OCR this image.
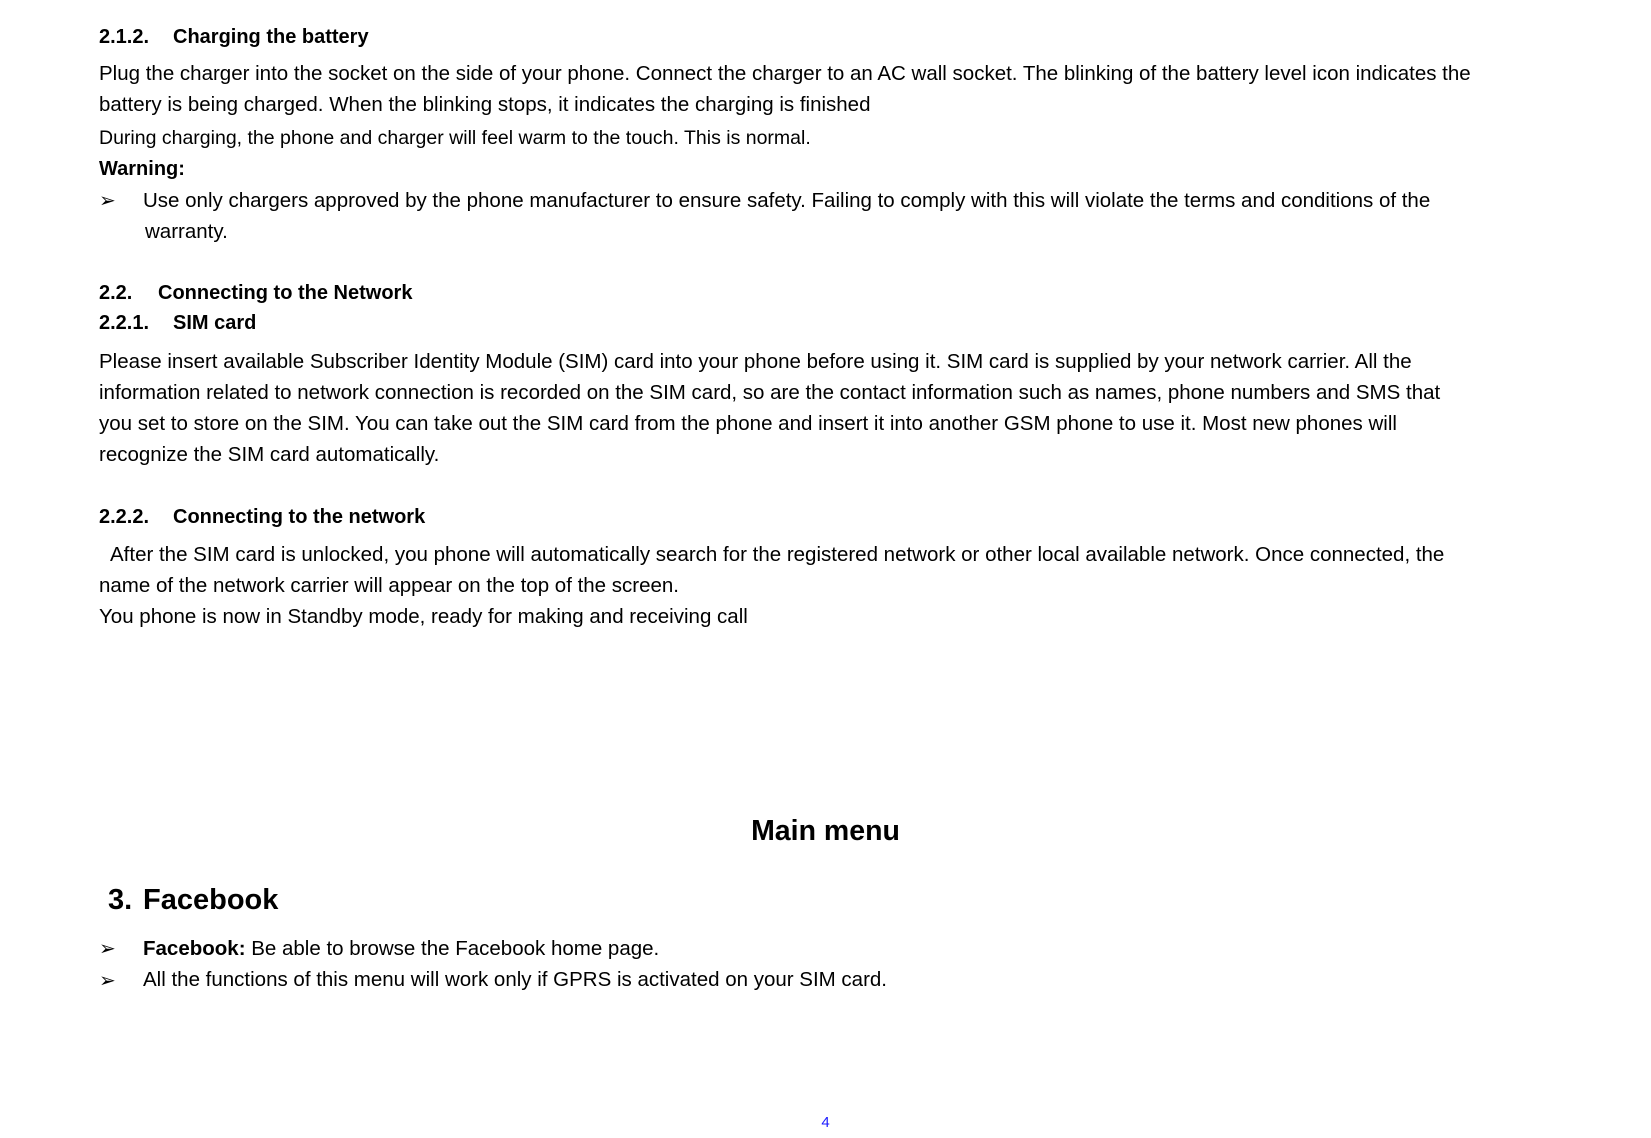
2.1.2. Charging the battery
Plug the charger into the socket on the side of your phone. Connect the charger to an AC wall socket. The blinking of the battery level icon indicates the
battery is being charged. When the blinking stops, it indicates the charging is finished
During charging, the phone and charger will feel warm to the touch. This is normal.
Warning:
➢ Use only chargers approved by the phone manufacturer to ensure safety. Failing to comply with this will violate the terms and conditions of the
warranty.
2.2. Connecting to the Network
2.2.1. SIM card
Please insert available Subscriber Identity Module (SIM) card into your phone before using it. SIM card is supplied by your network carrier. All the
information related to network connection is recorded on the SIM card, so are the contact information such as names, phone numbers and SMS that
you set to store on the SIM. You can take out the SIM card from the phone and insert it into another GSM phone to use it. Most new phones will
recognize the SIM card automatically.
2.2.2. Connecting to the network
After the SIM card is unlocked, you phone will automatically search for the registered network or other local available network. Once connected, the
name of the network carrier will appear on the top of the screen.
You phone is now in Standby mode, ready for making and receiving call
Main menu
3. Facebook
➢ Facebook: Be able to browse the Facebook home page.
➢ All the functions of this menu will work only if GPRS is activated on your SIM card.
4
